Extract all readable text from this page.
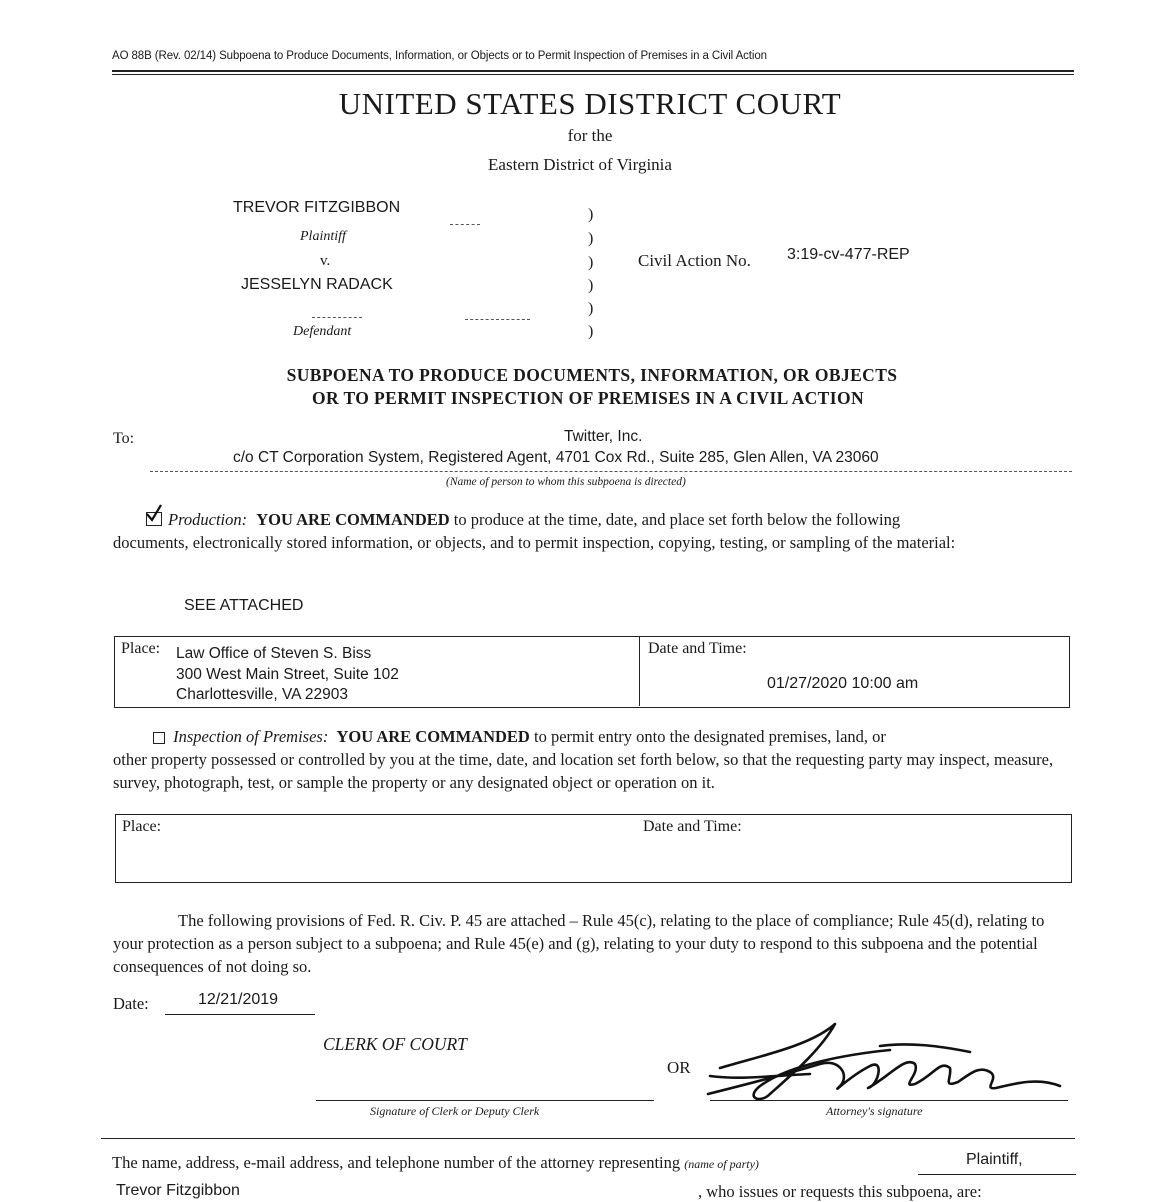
AO 88B (Rev. 02/14) Subpoena to Produce Documents, Information, or Objects or to Permit Inspection of Premises in a Civil Action
UNITED STATES DISTRICT COURT
for the
Eastern District of Virginia
TREVOR FITZGIBBON
Plaintiff
v.
JESSELYN RADACK
Defendant
)
)
)
)
)
)
Civil Action No. 3:19-cv-477-REP
SUBPOENA TO PRODUCE DOCUMENTS, INFORMATION, OR OBJECTS
OR TO PERMIT INSPECTION OF PREMISES IN A CIVIL ACTION
To:	Twitter, Inc.
c/o CT Corporation System, Registered Agent, 4701 Cox Rd., Suite 285, Glen Allen, VA 23060
(Name of person to whom this subpoena is directed)

Production: YOU ARE COMMANDED to produce at the time, date, and place set forth below the following

documents, electronically stored information, or objects, and to permit inspection, copying, testing, or sampling of the material:

SEE ATTACHED
Place: Law Office of Steven S. Biss
300 West Main Street, Suite 102
Charlottesville, VA 22903
Date and Time:
01/27/2020 10:00 am

Inspection of Premises: YOU ARE COMMANDED to permit entry onto the designated premises, land, or

other property possessed or controlled by you at the time, date, and location set forth below, so that the requesting party may inspect, measure, survey, photograph, test, or sample the property or any designated object or operation on it.

Place:	Date and Time:

The following provisions of Fed. R. Civ. P. 45 are attached – Rule 45(c), relating to the place of compliance; Rule 45(d), relating to your protection as a person subject to a subpoena; and Rule 45(e) and (g), relating to your duty to respond to this subpoena and the potential consequences of not doing so.

Date:	12/21/2019
CLERK OF COURT
OR
Signature of Clerk or Deputy Clerk	Attorney's signature
The name, address, e-mail address, and telephone number of the attorney representing (name of party)	Plaintiff,
Trevor Fitzgibbon	, who issues or requests this subpoena, are:
